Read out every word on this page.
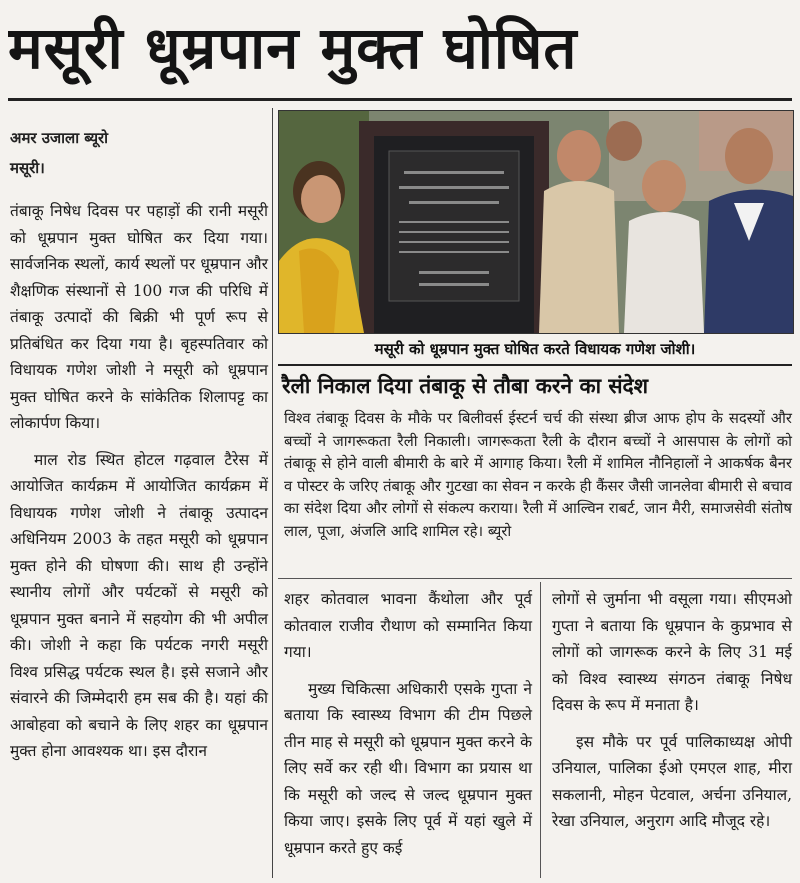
मसूरी धूम्रपान मुक्त घोषित
अमर उजाला ब्यूरो
मसूरी।

तंबाकू निषेध दिवस पर पहाड़ों की रानी मसूरी को धूम्रपान मुक्त घोषित कर दिया गया। सार्वजनिक स्थलों, कार्य स्थलों पर धूम्रपान और शैक्षणिक संस्थानों से 100 गज की परिधि में तंबाकू उत्पादों की बिक्री भी पूर्ण रूप से प्रतिबंधित कर दिया गया है। बृहस्पतिवार को विधायक गणेश जोशी ने मसूरी को धूम्रपान मुक्त घोषित करने के सांकेतिक शिलापट्ट का लोकार्पण किया।

माल रोड स्थित होटल गढ़वाल टैरेस में आयोजित कार्यक्रम में आयोजित कार्यक्रम में विधायक गणेश जोशी ने तंबाकू उत्पादन अधिनियम 2003 के तहत मसूरी को धूम्रपान मुक्त होने की घोषणा की। साथ ही उन्होंने स्थानीय लोगों और पर्यटकों से मसूरी को धूम्रपान मुक्त बनाने में सहयोग की भी अपील की। जोशी ने कहा कि पर्यटक नगरी मसूरी विश्व प्रसिद्ध पर्यटक स्थल है। इसे सजाने और संवारने की जिम्मेदारी हम सब की है। यहां की आबोहवा को बचाने के लिए शहर का धूम्रपान मुक्त होना आवश्यक था। इस दौरान

मसूरी को धूम्रपान मुक्त घोषित करते विधायक गणेश जोशी।
रैली निकाल दिया तंबाकू से तौबा करने का संदेश
विश्व तंबाकू दिवस के मौके पर बिलीवर्स ईस्टर्न चर्च की संस्था ब्रीज आफ होप के सदस्यों और बच्चों ने जागरूकता रैली निकाली। जागरूकता रैली के दौरान बच्चों ने आसपास के लोगों को तंबाकू से होने वाली बीमारी के बारे में आगाह किया। रैली में शामिल नौनिहालों ने आकर्षक बैनर व पोस्टर के जरिए तंबाकू और गुटखा का सेवन न करके ही कैंसर जैसी जानलेवा बीमारी से बचाव का संदेश दिया और लोगों से संकल्प कराया। रैली में आल्विन राबर्ट, जान मैरी, समाजसेवी संतोष लाल, पूजा, अंजलि आदि शामिल रहे। ब्यूरो

शहर कोतवाल भावना कैंथोला और पूर्व कोतवाल राजीव रौथाण को सम्मानित किया गया।

मुख्य चिकित्सा अधिकारी एसके गुप्ता ने बताया कि स्वास्थ्य विभाग की टीम पिछले तीन माह से मसूरी को धूम्रपान मुक्त करने के लिए सर्वे कर रही थी। विभाग का प्रयास था कि मसूरी को जल्द से जल्द धूम्रपान मुक्त किया जाए। इसके लिए पूर्व में यहां खुले में धूम्रपान करते हुए कई

लोगों से जुर्माना भी वसूला गया। सीएमओ गुप्ता ने बताया कि धूम्रपान के कुप्रभाव से लोगों को जागरूक करने के लिए 31 मई को विश्व स्वास्थ्य संगठन तंबाकू निषेध दिवस के रूप में मनाता है।

इस मौके पर पूर्व पालिकाध्यक्ष ओपी उनियाल, पालिका ईओ एमएल शाह, मीरा सकलानी, मोहन पेटवाल, अर्चना उनियाल, रेखा उनियाल, अनुराग आदि मौजूद रहे।
